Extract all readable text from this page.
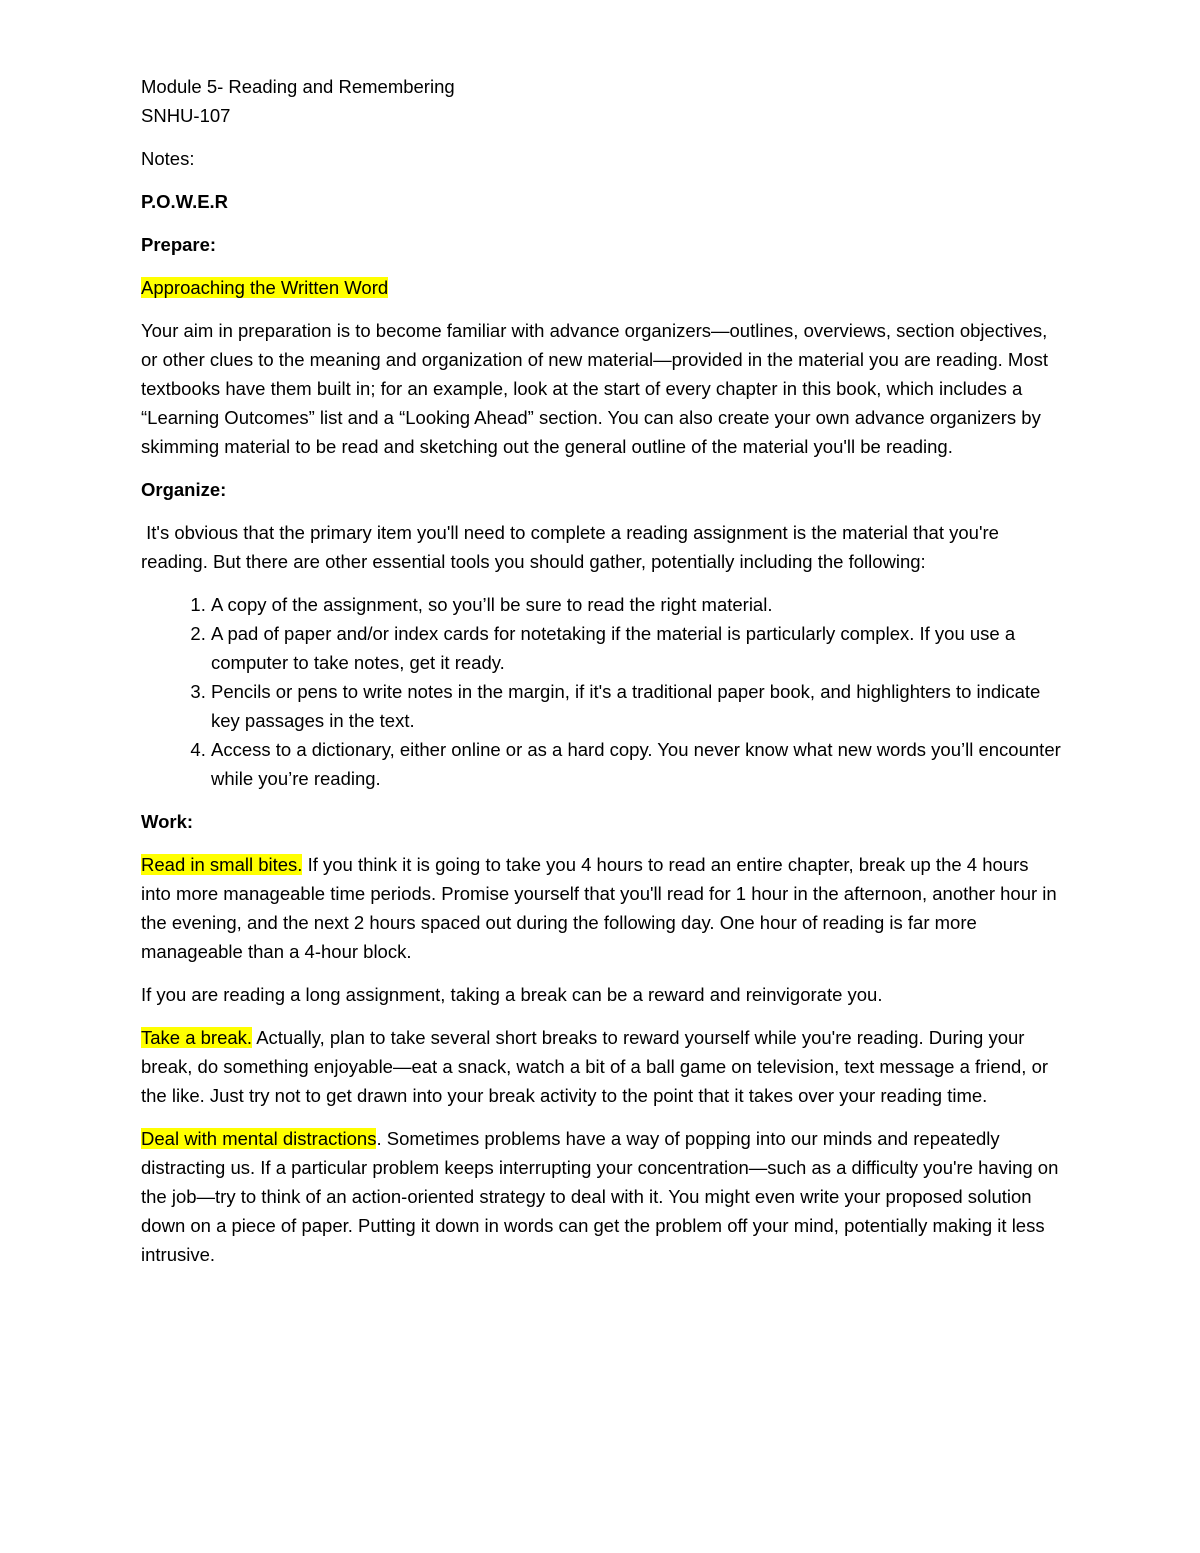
Module 5- Reading and Remembering

SNHU-107

Notes:

P.O.W.E.R

Prepare:

Approaching the Written Word

Your aim in preparation is to become familiar with advance organizers—outlines, overviews, section objectives, or other clues to the meaning and organization of new material—provided in the material you are reading. Most textbooks have them built in; for an example, look at the start of every chapter in this book, which includes a “Learning Outcomes” list and a “Looking Ahead” section. You can also create your own advance organizers by skimming material to be read and sketching out the general outline of the material you'll be reading.

Organize:

It's obvious that the primary item you'll need to complete a reading assignment is the material that you're reading. But there are other essential tools you should gather, potentially including the following:

1. A copy of the assignment, so you’ll be sure to read the right material.
2. A pad of paper and/or index cards for notetaking if the material is particularly complex. If you use a computer to take notes, get it ready.
3. Pencils or pens to write notes in the margin, if it's a traditional paper book, and highlighters to indicate key passages in the text.
4. Access to a dictionary, either online or as a hard copy. You never know what new words you’ll encounter while you’re reading.

Work:

Read in small bites. If you think it is going to take you 4 hours to read an entire chapter, break up the 4 hours into more manageable time periods. Promise yourself that you'll read for 1 hour in the afternoon, another hour in the evening, and the next 2 hours spaced out during the following day. One hour of reading is far more manageable than a 4-hour block.

If you are reading a long assignment, taking a break can be a reward and reinvigorate you.

Take a break. Actually, plan to take several short breaks to reward yourself while you're reading. During your break, do something enjoyable—eat a snack, watch a bit of a ball game on television, text message a friend, or the like. Just try not to get drawn into your break activity to the point that it takes over your reading time.

Deal with mental distractions. Sometimes problems have a way of popping into our minds and repeatedly distracting us. If a particular problem keeps interrupting your concentration—such as a difficulty you're having on the job—try to think of an action-oriented strategy to deal with it. You might even write your proposed solution down on a piece of paper. Putting it down in words can get the problem off your mind, potentially making it less intrusive.
